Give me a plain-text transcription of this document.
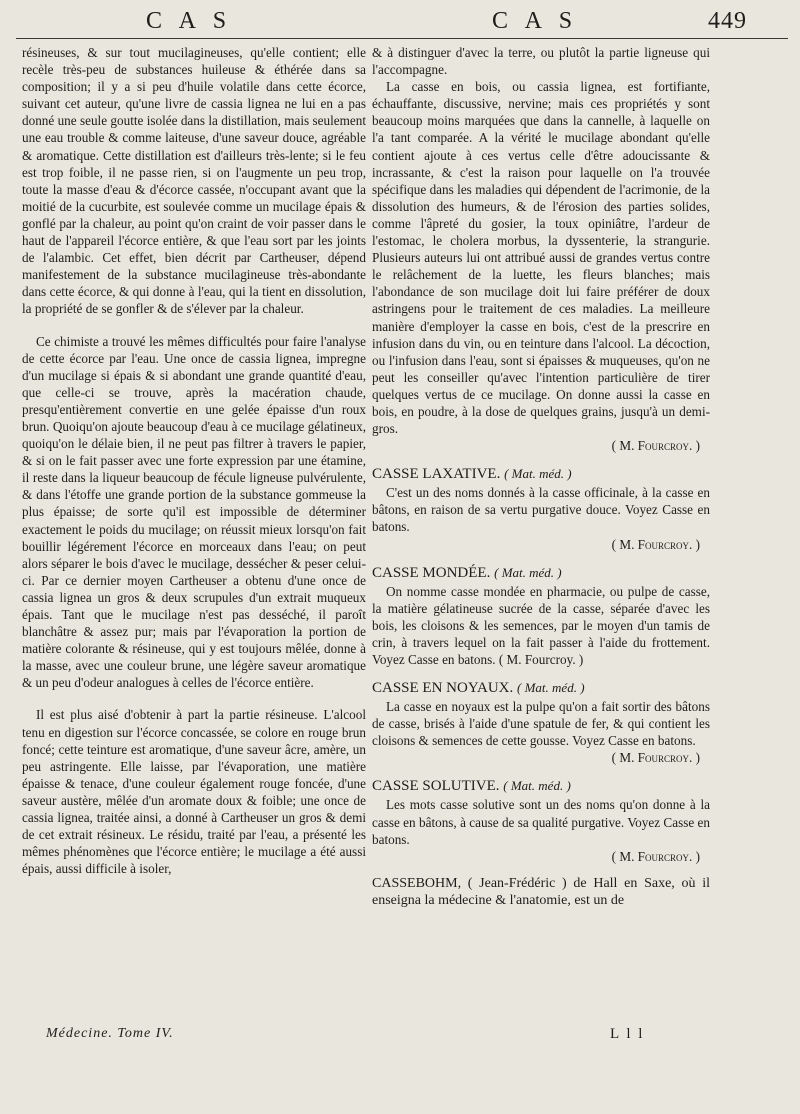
C A S	C A S	449

résineuses, & sur tout mucilagineuses, qu'elle contient; elle recèle très-peu de substances huileuse & éthérée dans sa composition; il y a si peu d'huile volatile dans cette écorce, suivant cet auteur, qu'une livre de cassia lignea ne lui en a pas donné une seule goutte isolée dans la distillation, mais seulement une eau trouble & comme laiteuse, d'une saveur douce, agréable & aromatique. Cette distillation est d'ailleurs très-lente; si le feu est trop foible, il ne passe rien, si on l'augmente un peu trop, toute la masse d'eau & d'écorce cassée, n'occupant avant que la moitié de la cucurbite, est soulevée comme un mucilage épais & gonflé par la chaleur, au point qu'on craint de voir passer dans le haut de l'appareil l'écorce entière, & que l'eau sort par les joints de l'alambic. Cet effet, bien décrit par Cartheuser, dépend manifestement de la substance mucilagineuse très-abondante dans cette écorce, & qui donne à l'eau, qui la tient en dissolution, la propriété de se gonfler & de s'élever par la chaleur.

Ce chimiste a trouvé les mêmes difficultés pour faire l'analyse de cette écorce par l'eau. Une once de cassia lignea, impregne d'un mucilage si épais & si abondant une grande quantité d'eau, que celle-ci se trouve, après la macération chaude, presqu'entièrement convertie en une gelée épaisse d'un roux brun. Quoiqu'on ajoute beaucoup d'eau à ce mucilage gélatineux, quoiqu'on le délaie bien, il ne peut pas filtrer à travers le papier, & si on le fait passer avec une forte expression par une étamine, il reste dans la liqueur beaucoup de fécule ligneuse pulvérulente, & dans l'étoffe une grande portion de la substance gommeuse la plus épaisse; de sorte qu'il est impossible de déterminer exactement le poids du mucilage; on réussit mieux lorsqu'on fait bouillir légérement l'écorce en morceaux dans l'eau; on peut alors séparer le bois d'avec le mucilage, dessécher & peser celui-ci. Par ce dernier moyen Cartheuser a obtenu d'une once de cassia lignea un gros & deux scrupules d'un extrait muqueux épais. Tant que le mucilage n'est pas desséché, il paroît blanchâtre & assez pur; mais par l'évaporation la portion de matière colorante & résineuse, qui y est toujours mêlée, donne à la masse, avec une couleur brune, une légère saveur aromatique & un peu d'odeur analogues à celles de l'écorce entière.

Il est plus aisé d'obtenir à part la partie résineuse. L'alcool tenu en digestion sur l'écorce concassée, se colore en rouge brun foncé; cette teinture est aromatique, d'une saveur âcre, amère, un peu astringente. Elle laisse, par l'évaporation, une matière épaisse & tenace, d'une couleur également rouge foncée, d'une saveur austère, mêlée d'un aromate doux & foible; une once de cassia lignea, traitée ainsi, a donné à Cartheuser un gros & demi de cet extrait résineux. Le résidu, traité par l'eau, a présenté les mêmes phénomènes que l'écorce entière; le mucilage a été aussi épais, aussi difficile à isoler,

& à distinguer d'avec la terre, ou plutôt la partie ligneuse qui l'accompagne.

La casse en bois, ou cassia lignea, est fortifiante, échauffante, discussive, nervine; mais ces propriétés y sont beaucoup moins marquées que dans la cannelle, à laquelle on l'a tant comparée. A la vérité le mucilage abondant qu'elle contient ajoute à ces vertus celle d'être adoucissante & incrassante, & c'est la raison pour laquelle on l'a trouvée spécifique dans les maladies qui dépendent de l'acrimonie, de la dissolution des humeurs, & de l'érosion des parties solides, comme l'âpreté du gosier, la toux opiniâtre, l'ardeur de l'estomac, le cholera morbus, la dyssenterie, la strangurie. Plusieurs auteurs lui ont attribué aussi de grandes vertus contre le relâchement de la luette, les fleurs blanches; mais l'abondance de son mucilage doit lui faire préférer de doux astringens pour le traitement de ces maladies. La meilleure manière d'employer la casse en bois, c'est de la prescrire en infusion dans du vin, ou en teinture dans l'alcool. La décoction, ou l'infusion dans l'eau, sont si épaisses & muqueuses, qu'on ne peut les conseiller qu'avec l'intention particulière de tirer quelques vertus de ce mucilage. On donne aussi la casse en bois, en poudre, à la dose de quelques grains, jusqu'à un demi-gros.

( M. Fourcroy. )

CASSE LAXATIVE. ( Mat. méd. )

C'est un des noms donnés à la casse officinale, à la casse en bâtons, en raison de sa vertu purgative douce. Voyez Casse en batons.

( M. Fourcroy. )

CASSE MONDÉE. ( Mat. méd. )

On nomme casse mondée en pharmacie, ou pulpe de casse, la matière gélatineuse sucrée de la casse, séparée d'avec les bois, les cloisons & les semences, par le moyen d'un tamis de crin, à travers lequel on la fait passer à l'aide du frottement. Voyez Casse en batons. ( M. Fourcroy. )

CASSE EN NOYAUX. ( Mat. méd. )

La casse en noyaux est la pulpe qu'on a fait sortir des bâtons de casse, brisés à l'aide d'une spatule de fer, & qui contient les cloisons & semences de cette gousse. Voyez Casse en batons.

( M. Fourcroy. )

CASSE SOLUTIVE. ( Mat. méd. )

Les mots casse solutive sont un des noms qu'on donne à la casse en bâtons, à cause de sa qualité purgative. Voyez Casse en batons.

( M. Fourcroy. )

CASSEBOHM, ( Jean-Frédéric ) de Hall en Saxe, où il enseigna la médecine & l'anatomie, est un de

Médecine. Tome IV.	L l l
